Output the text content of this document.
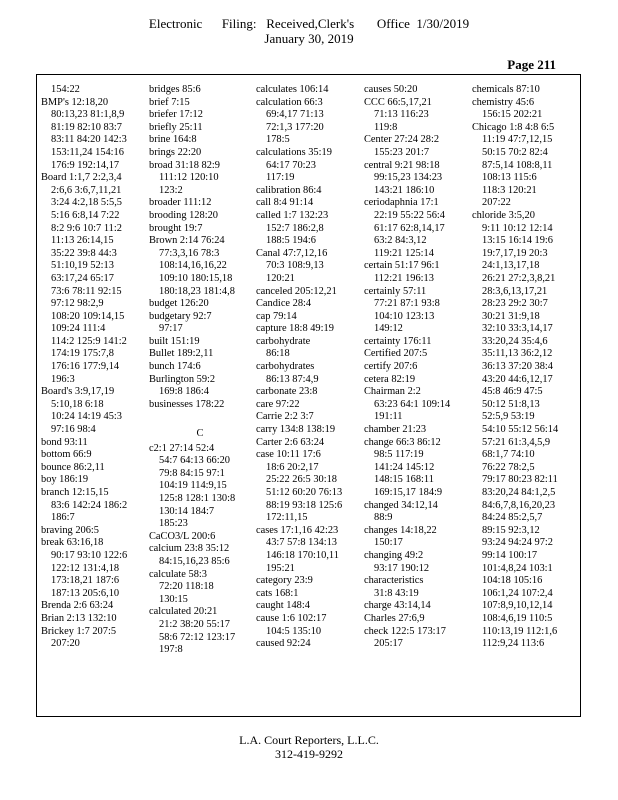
Electronic      Filing:   Received,Clerk's       Office  1/30/2019
January 30, 2019
Page 211
154:22
BMP's 12:18,20
80:13,23 81:1,8,9
81:19 82:10 83:7
83:11 84:20 142:3
153:11,24 154:16
176:9 192:14,17
Board 1:1,7 2:2,3,4
2:6,6 3:6,7,11,21
3:24 4:2,18 5:5,5
5:16 6:8,14 7:22
8:2 9:6 10:7 11:2
11:13 26:14,15
35:22 39:8 44:3
51:10,19 52:13
63:17,24 65:17
73:6 78:11 92:15
97:12 98:2,9
108:20 109:14,15
109:24 111:4
114:2 125:9 141:2
174:19 175:7,8
176:16 177:9,14
196:3
Board's 3:9,17,19
5:10,18 6:18
10:24 14:19 45:3
97:16 98:4
bond 93:11
bottom 66:9
bounce 86:2,11
boy 186:19
branch 12:15,15
83:6 142:24 186:2
186:7
braving 206:5
break 63:16,18
90:17 93:10 122:6
122:12 131:4,18
173:18,21 187:6
187:13 205:6,10
Brenda 2:6 63:24
Brian 2:13 132:10
Brickey 1:7 207:5
207:20
bridges 85:6
brief 7:15
briefer 17:12
briefly 25:11
brine 164:8
brings 22:20
broad 31:18 82:9
111:12 120:10
123:2
broader 111:12
brooding 128:20
brought 19:7
Brown 2:14 76:24
77:3,3,16 78:3
108:14,16,16,22
109:10 180:15,18
180:18,23 181:4,8
budget 126:20
budgetary 92:7
97:17
built 151:19
Bullet 189:2,11
bunch 174:6
Burlington 59:2
169:8 186:4
businesses 178:22
C
c2:1 27:14 52:4
54:7 64:13 66:20
79:8 84:15 97:1
104:19 114:9,15
125:8 128:1 130:8
130:14 184:7
185:23
CaCO3/L 200:6
calcium 23:8 35:12
84:15,16,23 85:6
calculate 58:3
72:20 118:18
130:15
calculated 20:21
21:2 38:20 55:17
58:6 72:12 123:17
197:8
calculates 106:14
calculation 66:3
69:4,17 71:13
72:1,3 177:20
178:5
calculations 35:19
64:17 70:23
117:19
calibration 86:4
call 8:4 91:14
called 1:7 132:23
152:7 186:2,8
188:5 194:6
Canal 47:7,12,16
70:3 108:9,13
120:21
canceled 205:12,21
Candice 28:4
cap 79:14
capture 18:8 49:19
carbohydrate
86:18
carbohydrates
86:13 87:4,9
carbonate 23:8
care 97:22
Carrie 2:2 3:7
carry 134:8 138:19
Carter 2:6 63:24
case 10:11 17:6
18:6 20:2,17
25:22 26:5 30:18
51:12 60:20 76:13
88:19 93:18 125:6
172:11,15
cases 17:1,16 42:23
43:7 57:8 134:13
146:18 170:10,11
195:21
category 23:9
cats 168:1
caught 148:4
cause 1:6 102:17
104:5 135:10
caused 92:24
causes 50:20
CCC 66:5,17,21
71:13 116:23
119:8
Center 27:24 28:2
155:23 201:7
central 9:21 98:18
99:15,23 134:23
143:21 186:10
ceriodaphnia 17:1
22:19 55:22 56:4
61:17 62:8,14,17
63:2 84:3,12
119:21 125:14
certain 51:17 96:1
112:21 196:13
certainly 57:11
77:21 87:1 93:8
104:10 123:13
149:12
certainty 176:11
Certified 207:5
certify 207:6
cetera 82:19
Chairman 2:2
63:23 64:1 109:14
191:11
chamber 21:23
change 66:3 86:12
98:5 117:19
141:24 145:12
148:15 168:11
169:15,17 184:9
changed 34:12,14
88:9
changes 14:18,22
150:17
changing 49:2
93:17 190:12
characteristics
31:8 43:19
charge 43:14,14
Charles 27:6,9
check 122:5 173:17
205:17
chemicals 87:10
chemistry 45:6
156:15 202:21
Chicago 1:8 4:8 6:5
11:19 47:7,12,15
50:15 70:2 82:4
87:5,14 108:8,11
108:13 115:6
118:3 120:21
207:22
chloride 3:5,20
9:11 10:12 12:14
13:15 16:14 19:6
19:7,17,19 20:3
24:1,13,17,18
26:21 27:2,3,8,21
28:3,6,13,17,21
28:23 29:2 30:7
30:21 31:9,18
32:10 33:3,14,17
33:20,24 35:4,6
35:11,13 36:2,12
36:13 37:20 38:4
43:20 44:6,12,17
45:8 46:9 47:5
50:12 51:8,13
52:5,9 53:19
54:10 55:12 56:14
57:21 61:3,4,5,9
68:1,7 74:10
76:22 78:2,5
79:17 80:23 82:11
83:20,24 84:1,2,5
84:6,7,8,16,20,23
84:24 85:2,5,7
89:15 92:3,12
93:24 94:24 97:2
99:14 100:17
101:4,8,24 103:1
104:18 105:16
106:1,24 107:2,4
107:8,9,10,12,14
108:4,6,19 110:5
110:13,19 112:1,6
112:9,24 113:6
L.A. Court Reporters, L.L.C.
312-419-9292
